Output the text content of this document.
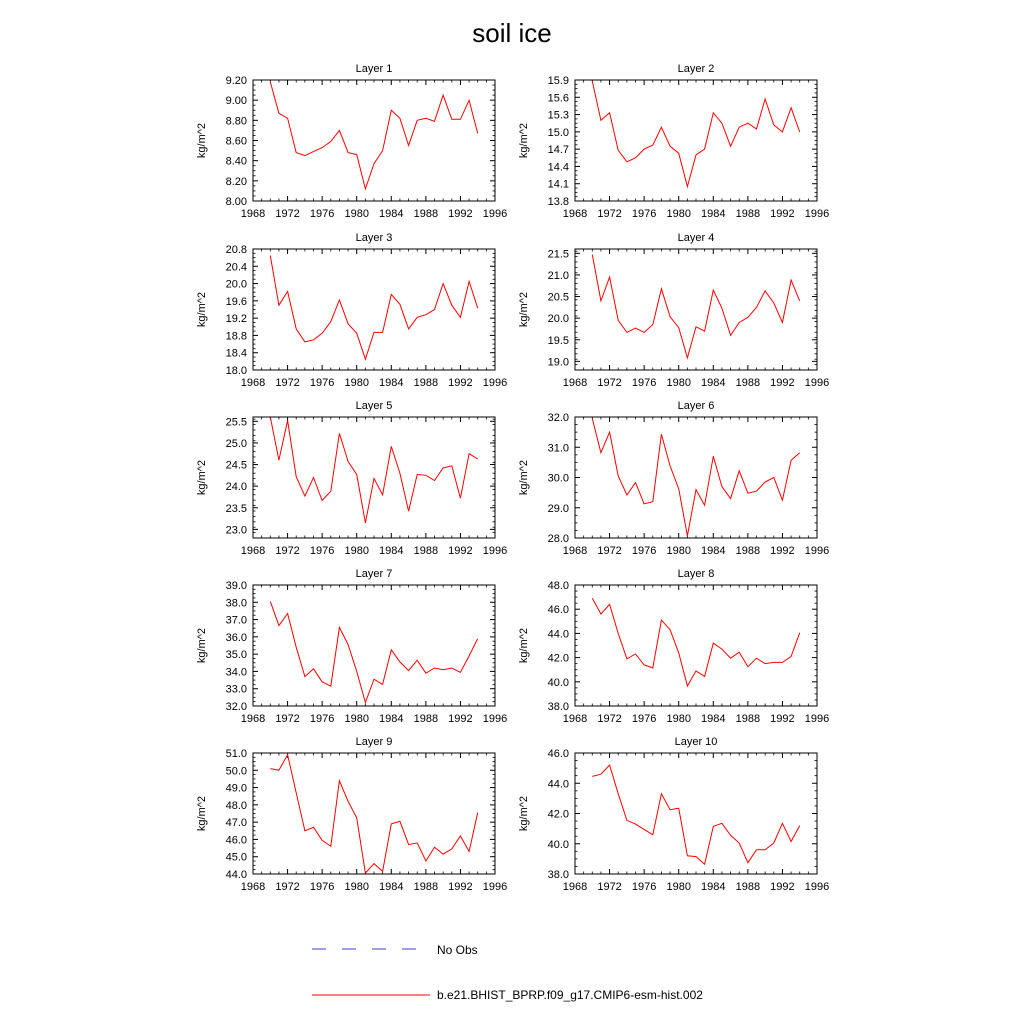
soil ice
Layer 1
kg/m^2
1968 1972 1976 1980 1984 1988 1992 1996
8.00
8.20
8.40
8.60
8.80
9.00
9.20
Layer 2
kg/m^2
1968 1972 1976 1980 1984 1988 1992 1996
13.8
14.1
14.4
14.7
15.0
15.3
15.6
15.9
Layer 3
kg/m^2
1968 1972 1976 1980 1984 1988 1992 1996
18.0
18.4
18.8
19.2
19.6
20.0
20.4
20.8
Layer 4
kg/m^2
1968 1972 1976 1980 1984 1988 1992 1996
19.0
19.5
20.0
20.5
21.0
21.5
Layer 5
kg/m^2
1968 1972 1976 1980 1984 1988 1992 1996
23.0
23.5
24.0
24.5
25.0
25.5
Layer 6
kg/m^2
1968 1972 1976 1980 1984 1988 1992 1996
28.0
29.0
30.0
31.0
32.0
Layer 7
kg/m^2
1968 1972 1976 1980 1984 1988 1992 1996
32.0
33.0
34.0
35.0
36.0
37.0
38.0
39.0
Layer 8
kg/m^2
1968 1972 1976 1980 1984 1988 1992 1996
38.0
40.0
42.0
44.0
46.0
48.0
Layer 9
kg/m^2
1968 1972 1976 1980 1984 1988 1992 1996
44.0
45.0
46.0
47.0
48.0
49.0
50.0
51.0
Layer 10
kg/m^2
1968 1972 1976 1980 1984 1988 1992 1996
38.0
40.0
42.0
44.0
46.0
No Obs
b.e21.BHIST_BPRP.f09_g17.CMIP6-esm-hist.002
